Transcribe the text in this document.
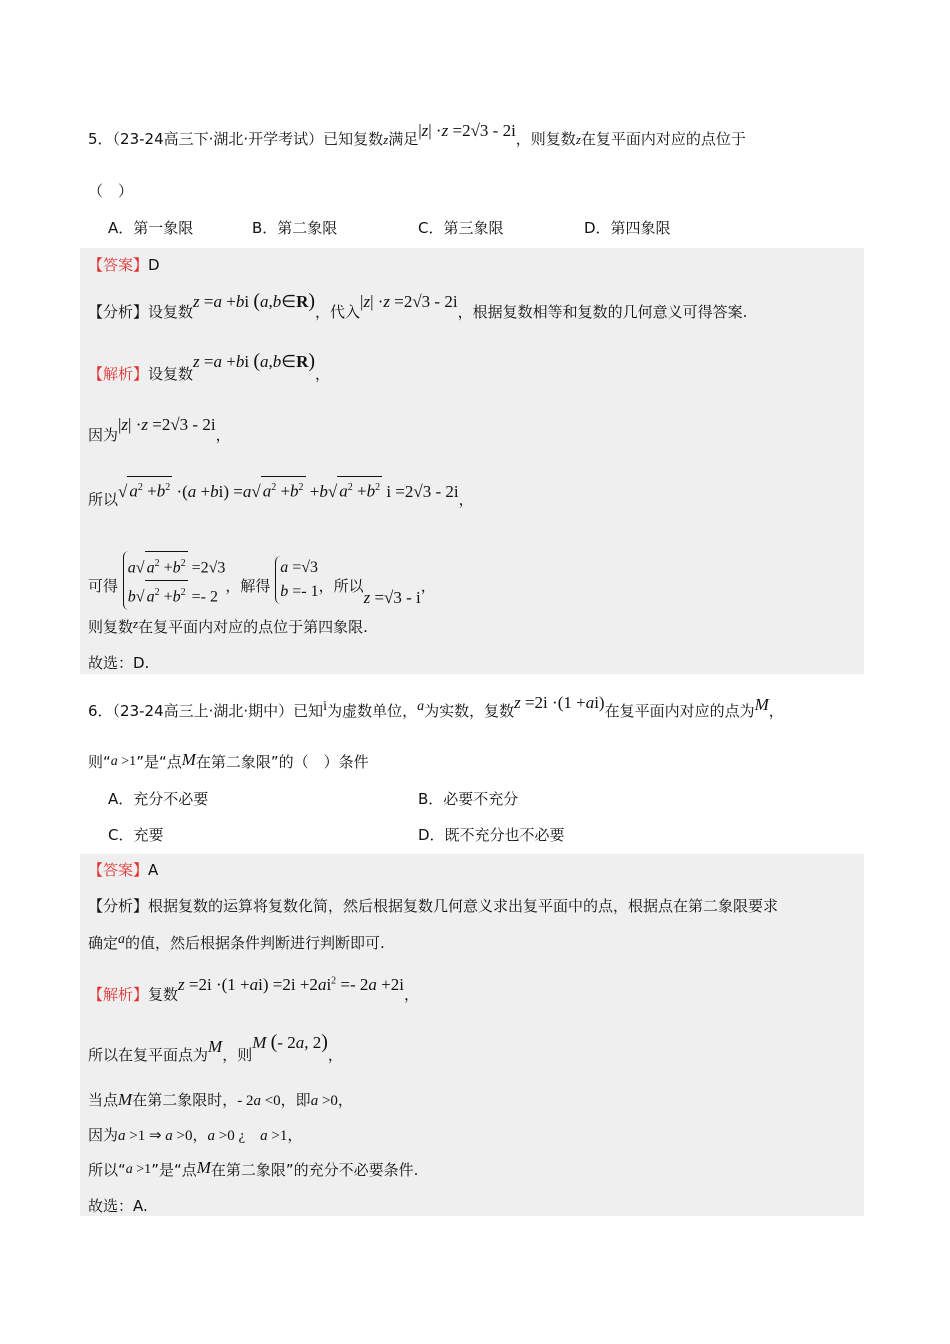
5．（23-24高三下·湖北·开学考试）已知复数z满足|z| ·z =2√3 - 2i，则复数z在复平面内对应的点位于
（　）
A．第一象限	B．第二象限	C．第三象限	D．第四象限
【答案】D
【分析】设复数z =a +bi (a,b∈R)，代入|z| ·z =2√3 - 2i，根据复数相等和复数的几何意义可得答案.
【解析】设复数z =a +bi (a,b∈R)，
因为|z| ·z =2√3 - 2i，
所以√ $a^2 +b^2 \cdot(a +bi) =a√$ $a^2 +b^2 +b√$ $a^2 +b^2$ i =2√3 - 2i，
可得
a√ $a^2 +b^2 =2√3$
b√ $a^2 +b^2 =- 2$
，解得
a =√3
b =- 1 ，所以z =√3 - i，
则复数z在复平面内对应的点位于第四象限.
故选：D.
6．（23-24高三上·湖北·期中）已知i为虚数单位，a为实数，复数z =2i ·(1 +ai)在复平面内对应的点为M，
则“a >1”是“点M在第二象限”的（　）条件
A．充分不必要	B．必要不充分
C．充要	D．既不充分也不必要
【答案】A
【分析】根据复数的运算将复数化简，然后根据复数几何意义求出复平面中的点，根据点在第二象限要求
确定a的值，然后根据条件判断进行判断即可.
【解析】复数$z =2i \cdot(1 +ai) =2i +2ai^2 =- 2a +2i$，
所以在复平面点为M，则M (- 2a, 2)，
当点M在第二象限时，- 2a <0，即a >0，
因为a >1 ⇒ a >0，a >0 ¿　a >1，
所以“a >1”是“点M在第二象限”的充分不必要条件.
故选：A.
